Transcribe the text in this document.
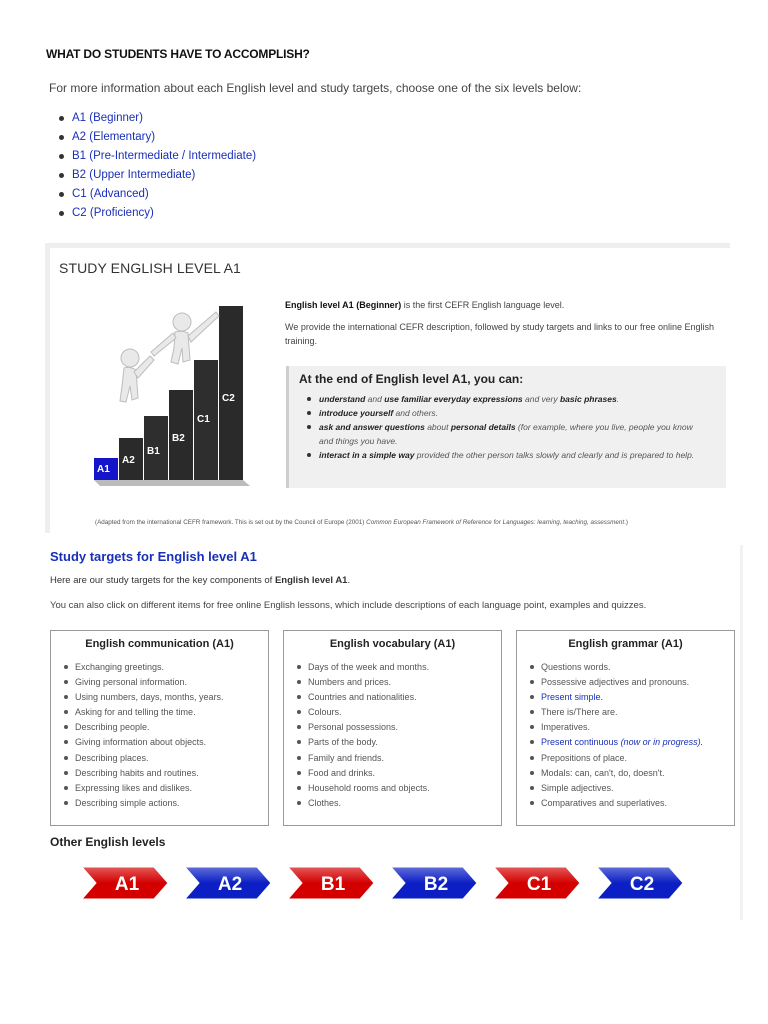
WHAT DO STUDENTS HAVE TO ACCOMPLISH?
For more information about each English level and study targets, choose one of the six levels below:
A1 (Beginner)
A2 (Elementary)
B1 (Pre-Intermediate / Intermediate)
B2 (Upper Intermediate)
C1 (Advanced)
C2 (Proficiency)
STUDY ENGLISH LEVEL A1
A1
A2
B1
B2
C1
C2

English level A1 (Beginner) is the first CEFR English language level.

We provide the international CEFR description, followed by study targets and links to our free online English training.

At the end of English level A1, you can:
understand and use familiar everyday expressions and very basic phrases.
introduce yourself and others.
ask and answer questions about personal details (for example, where you live, people you know and things you have.
interact in a simple way provided the other person talks slowly and clearly and is prepared to help.
(Adapted from the international CEFR framework. This is set out by the Council of Europe (2001) Common European Framework of Reference for Languages: learning, teaching, assessment.)
Study targets for English level A1
Here are our study targets for the key components of English level A1.
You can also click on different items for free online English lessons, which include descriptions of each language point, examples and quizzes.
English communication (A1)
Exchanging greetings.
Giving personal information.
Using numbers, days, months, years.
Asking for and telling the time.
Describing people.
Giving information about objects.
Describing places.
Describing habits and routines.
Expressing likes and dislikes.
Describing simple actions.
English vocabulary (A1)
Days of the week and months.
Numbers and prices.
Countries and nationalities.
Colours.
Personal possessions.
Parts of the body.
Family and friends.
Food and drinks.
Household rooms and objects.
Clothes.
English grammar (A1)
Questions words.
Possessive adjectives and pronouns.
Present simple.
There is/There are.
Imperatives.
Present continuous (now or in progress).
Prepositions of place.
Modals: can, can't, do, doesn't.
Simple adjectives.
Comparatives and superlatives.
Other English levels
A1	A2	B1	B2	C1	C2
